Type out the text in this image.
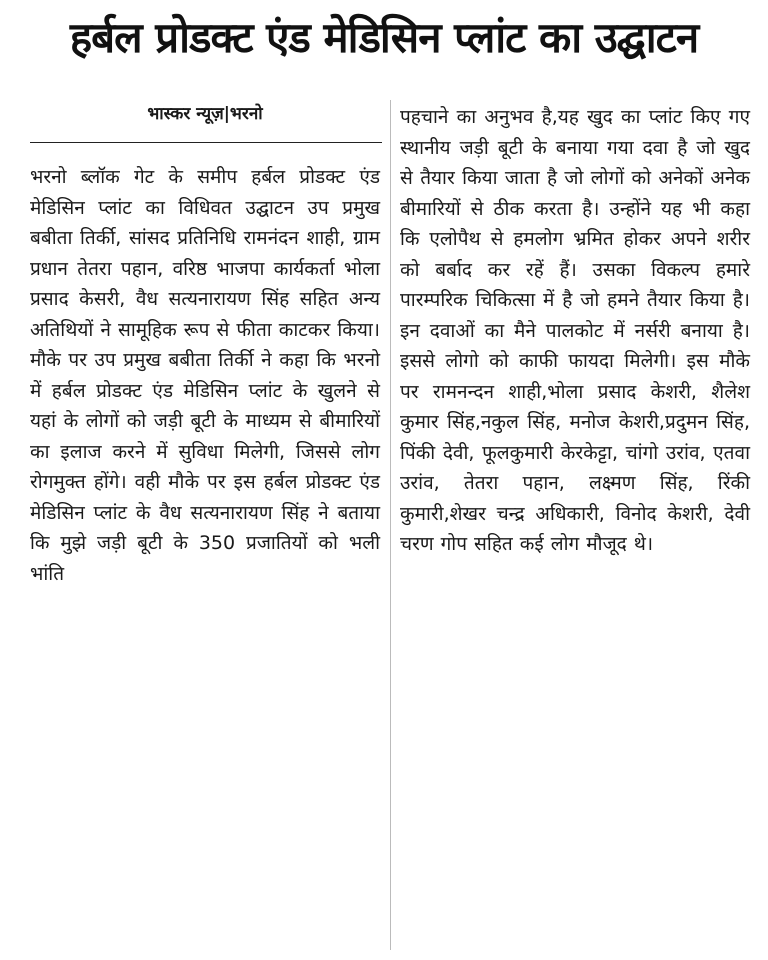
हर्बल प्रोडक्ट एंड मेडिसिन प्लांट का उद्घाटन
भास्कर न्यूज़|भरनो
भरनो ब्लॉक गेट के समीप हर्बल प्रोडक्ट एंड मेडिसिन प्लांट का विधिवत उद्घाटन उप प्रमुख बबीता तिर्की, सांसद प्रतिनिधि रामनंदन शाही, ग्राम प्रधान तेतरा पहान, वरिष्ठ भाजपा कार्यकर्ता भोला प्रसाद केसरी, वैध सत्यनारायण सिंह सहित अन्य अतिथियों ने सामूहिक रूप से फीता काटकर किया। मौके पर उप प्रमुख बबीता तिर्की ने कहा कि भरनो में हर्बल प्रोडक्ट एंड मेडिसिन प्लांट के खुलने से यहां के लोगों को जड़ी बूटी के माध्यम से बीमारियों का इलाज करने में सुविधा मिलेगी, जिससे लोग रोगमुक्त होंगे। वही मौके पर इस हर्बल प्रोडक्ट एंड मेडिसिन प्लांट के वैध सत्यनारायण सिंह ने बताया कि मुझे जड़ी बूटी के 350 प्रजातियों को भली भांति
पहचाने का अनुभव है,यह खुद का प्लांट किए गए स्थानीय जड़ी बूटी के बनाया गया दवा है जो खुद से तैयार किया जाता है जो लोगों को अनेकों अनेक बीमारियों से ठीक करता है। उन्होंने यह भी कहा कि एलोपैथ से हमलोग भ्रमित होकर अपने शरीर को बर्बाद कर रहें हैं। उसका विकल्प हमारे पारम्परिक चिकित्सा में है जो हमने तैयार किया है।इन दवाओं का मैने पालकोट में नर्सरी बनाया है। इससे लोगो को काफी फायदा मिलेगी। इस मौके पर रामनन्दन शाही,भोला प्रसाद केशरी, शैलेश कुमार सिंह,नकुल सिंह, मनोज केशरी,प्रदुमन सिंह, पिंकी देवी, फूलकुमारी केरकेट्टा, चांगो उरांव, एतवा उरांव, तेतरा पहान, लक्ष्मण सिंह, रिंकी कुमारी,शेखर चन्द्र अधिकारी, विनोद केशरी, देवी चरण गोप सहित कई लोग मौजूद थे।
